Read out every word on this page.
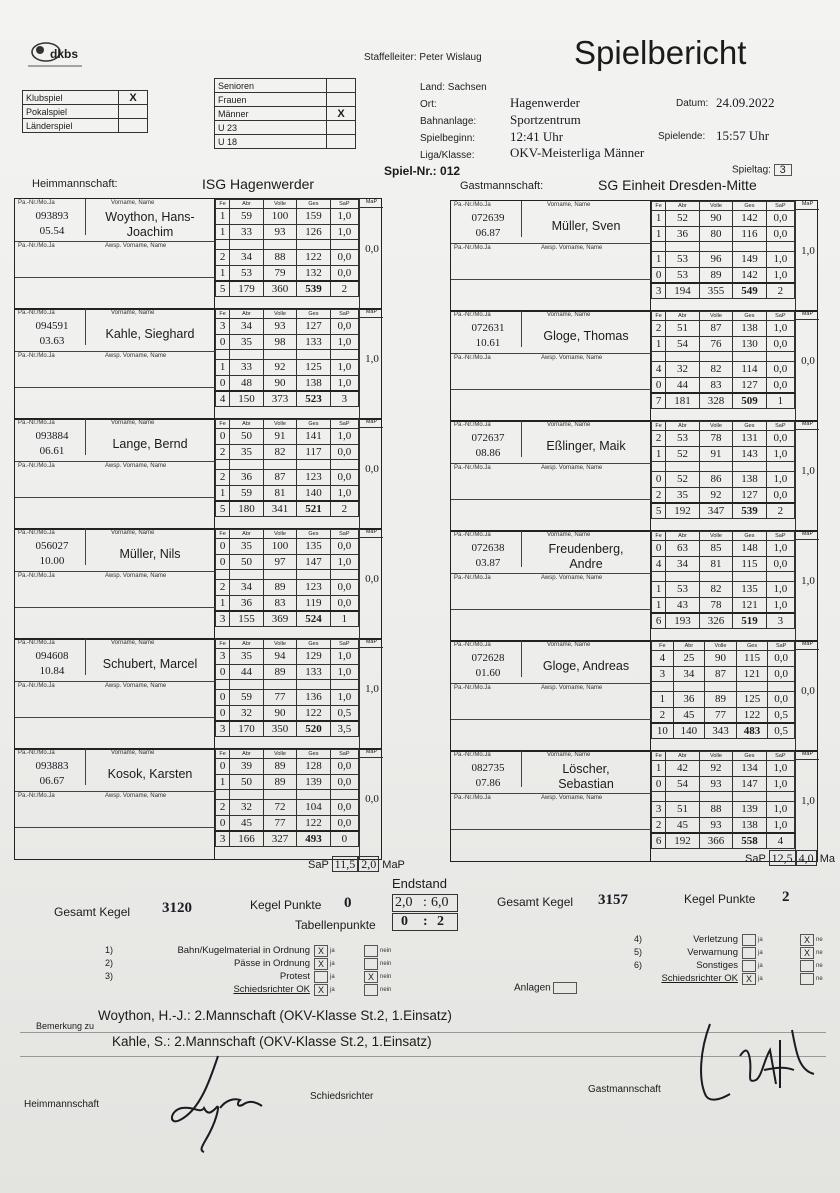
dkbs	Staffelleiter: Peter Wislaug	Spielbericht
Klubspiel	X
Pokalspiel	
Länderspiel	
Senioren	
Frauen	
Männer	X
U 23	
U 18	
Land: Sachsen
Ort:	Hagenwerder	Datum: 24.09.2022
Bahnanlage:	Sportzentrum
Spielbeginn:	12:41 Uhr	Spielende: 15:57 Uhr
Liga/Klasse:	OKV-Meisterliga Männer
Spiel-Nr.: 012	Spieltag: 3
Heimmannschaft:	ISG Hagenwerder	Gastmannschaft:	SG Einheit Dresden-Mitte
Pa.-Nr./Mo.Ja	Vorname, Name
093893
05.54
Woython, Hans-
Joachim
Pa.-Nr./Mo.Ja	Awsp. Vorname, Name
Fe	Abr	Volle	Ges	SaP
1	59	100	159	1,0
1	33	93	126	1,0

2	34	88	122	0,0
1	53	79	132	0,0
5	179	360	539	2
MaP
0,0
Pa.-Nr./Mo.Ja	Vorname, Name
094591
03.63	Kahle, Sieghard
Pa.-Nr./Mo.Ja	Awsp. Vorname, Name
Fe	Abr	Volle	Ges	SaP
3	34	93	127	0,0
0	35	98	133	1,0

1	33	92	125	1,0
0	48	90	138	1,0
4	150	373	523	3
MaP
1,0
Pa.-Nr./Mo.Ja	Vorname, Name
093884
06.61	Lange, Bernd
Pa.-Nr./Mo.Ja	Awsp. Vorname, Name
Fe	Abr	Volle	Ges	SaP
0	50	91	141	1,0
2	35	82	117	0,0

2	36	87	123	0,0
1	59	81	140	1,0
5	180	341	521	2
MaP
0,0
Pa.-Nr./Mo.Ja	Vorname, Name
056027
10.00	Müller, Nils
Pa.-Nr./Mo.Ja	Awsp. Vorname, Name
Fe	Abr	Volle	Ges	SaP
0	35	100	135	0,0
0	50	97	147	1,0

2	34	89	123	0,0
1	36	83	119	0,0
3	155	369	524	1
MaP
0,0
Pa.-Nr./Mo.Ja	Vorname, Name
094608
10.84	Schubert, Marcel
Pa.-Nr./Mo.Ja	Awsp. Vorname, Name
Fe	Abr	Volle	Ges	SaP
3	35	94	129	1,0
0	44	89	133	1,0

0	59	77	136	1,0
0	32	90	122	0,5
3	170	350	520	3,5
MaP
1,0
Pa.-Nr./Mo.Ja	Vorname, Name
093883
06.67	Kosok, Karsten
Pa.-Nr./Mo.Ja	Awsp. Vorname, Name
Fe	Abr	Volle	Ges	SaP
0	39	89	128	0,0
1	50	89	139	0,0

2	32	72	104	0,0
0	45	77	122	0,0
3	166	327	493	0
MaP
0,0
Pa.-Nr./Mo.Ja	Vorname, Name
072639
06.87	Müller, Sven
Pa.-Nr./Mo.Ja	Awsp. Vorname, Name
Fe	Abr	Volle	Ges	SaP
1	52	90	142	0,0
1	36	80	116	0,0

1	53	96	149	1,0
0	53	89	142	1,0
3	194	355	549	2
MaP
1,0
Pa.-Nr./Mo.Ja	Vorname, Name
072631
10.61	Gloge, Thomas
Pa.-Nr./Mo.Ja	Awsp. Vorname, Name
Fe	Abr	Volle	Ges	SaP
2	51	87	138	1,0
1	54	76	130	0,0

4	32	82	114	0,0
0	44	83	127	0,0
7	181	328	509	1
MaP
0,0
Pa.-Nr./Mo.Ja	Vorname, Name
072637
08.86	Eßlinger, Maik
Pa.-Nr./Mo.Ja	Awsp. Vorname, Name
Fe	Abr	Volle	Ges	SaP
2	53	78	131	0,0
1	52	91	143	1,0

0	52	86	138	1,0
2	35	92	127	0,0
5	192	347	539	2
MaP
1,0
Pa.-Nr./Mo.Ja	Vorname, Name
072638
03.87
Freudenberg,
Andre
Pa.-Nr./Mo.Ja	Awsp. Vorname, Name
Fe	Abr	Volle	Ges	SaP
0	63	85	148	1,0
4	34	81	115	0,0

1	53	82	135	1,0
1	43	78	121	1,0
6	193	326	519	3
MaP
1,0
Pa.-Nr./Mo.Ja	Vorname, Name
072628
01.60	Gloge, Andreas
Pa.-Nr./Mo.Ja	Awsp. Vorname, Name
Fe	Abr	Volle	Ges	SaP
4	25	90	115	0,0
3	34	87	121	0,0

1	36	89	125	0,0
2	45	77	122	0,5
10	140	343	483	0,5
MaP
0,0
Pa.-Nr./Mo.Ja	Vorname, Name
082735
07.86
Löscher,
Sebastian
Pa.-Nr./Mo.Ja	Awsp. Vorname, Name
Fe	Abr	Volle	Ges	SaP
1	42	92	134	1,0
0	54	93	147	1,0

3	51	88	139	1,0
2	45	93	138	1,0
6	192	366	558	4
MaP
1,0
SaP 11,5 2,0 MaP	SaP 12,5 4,0 Ma
Endstand
Gesamt Kegel 3120	Kegel Punkte 0	2,0 : 6,0
Tabellenpunkte 0 : 2
Gesamt Kegel 3157	Kegel Punkte 2
1)	Bahn/Kugelmaterial in Ordnung X	ja	nein
2)	Pässe in Ordnung X	ja	nein
3)	Protest	ja	X	nein
Schiedsrichter OK X	ja	nein
4)	Verletzung	ja	X	ne
5)	Verwarnung	ja	X	ne
6)	Sonstiges	ja	ne
Schiedsrichter OK X	ja	ne
Anlagen
Bemerkung zu
Woython, H.-J.: 2.Mannschaft (OKV-Klasse St.2, 1.Einsatz)
Kahle, S.: 2.Mannschaft (OKV-Klasse St.2, 1.Einsatz)
Heimmannschaft
Schiedsrichter
Gastmannschaft
